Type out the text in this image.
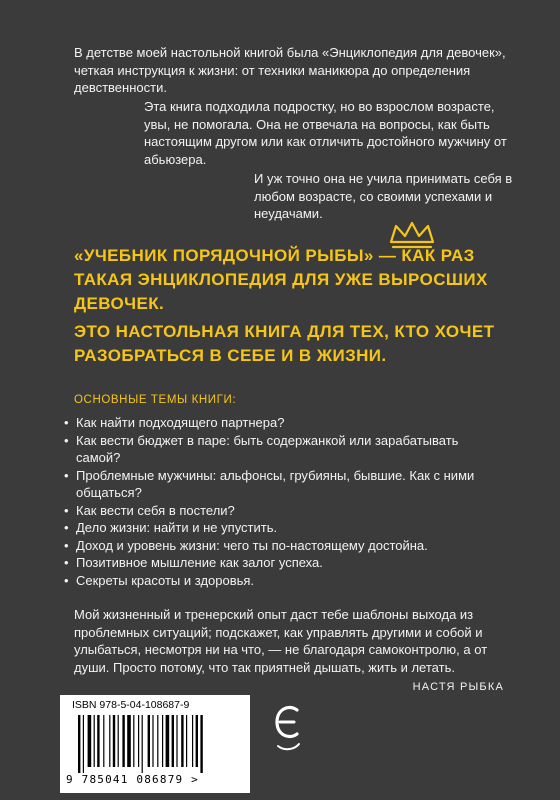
В детстве моей настольной книгой была «Энциклопедия для девочек», четкая инструкция к жизни: от техники маникюра до определения девственности.

Эта книга подходила подростку, но во взрослом возрасте, увы, не помогала. Она не отвечала на вопросы, как быть настоящим другом или как отличить достойного мужчину от абьюзера.

И уж точно она не учила принимать себя в любом возрасте, со своими успехами и неудачами.

«УЧЕБНИК ПОРЯДОЧНОЙ РЫБЫ» — КАК РАЗ ТАКАЯ ЭНЦИКЛОПЕДИЯ ДЛЯ УЖЕ ВЫРОСШИХ ДЕВОЧЕК.

ЭТО НАСТОЛЬНАЯ КНИГА ДЛЯ ТЕХ, КТО ХОЧЕТ РАЗОБРАТЬСЯ В СЕБЕ И В ЖИЗНИ.

ОСНОВНЫЕ ТЕМЫ КНИГИ:

• Как найти подходящего партнера?
• Как вести бюджет в паре: быть содержанкой или зарабатывать самой?
• Проблемные мужчины: альфонсы, грубияны, бывшие. Как с ними общаться?
• Как вести себя в постели?
• Дело жизни: найти и не упустить.
• Доход и уровень жизни: чего ты по-настоящему достойна.
• Позитивное мышление как залог успеха.
• Секреты красоты и здоровья.

Мой жизненный и тренерский опыт даст тебе шаблоны выхода из проблемных ситуаций; подскажет, как управлять другими и собой и улыбаться, несмотря ни на что, — не благодаря самоконтролю, а от души. Просто потому, что так приятней дышать, жить и летать.

НАСТЯ РЫБКА

ISBN 978-5-04-108687-9

9 785041 086879 >
